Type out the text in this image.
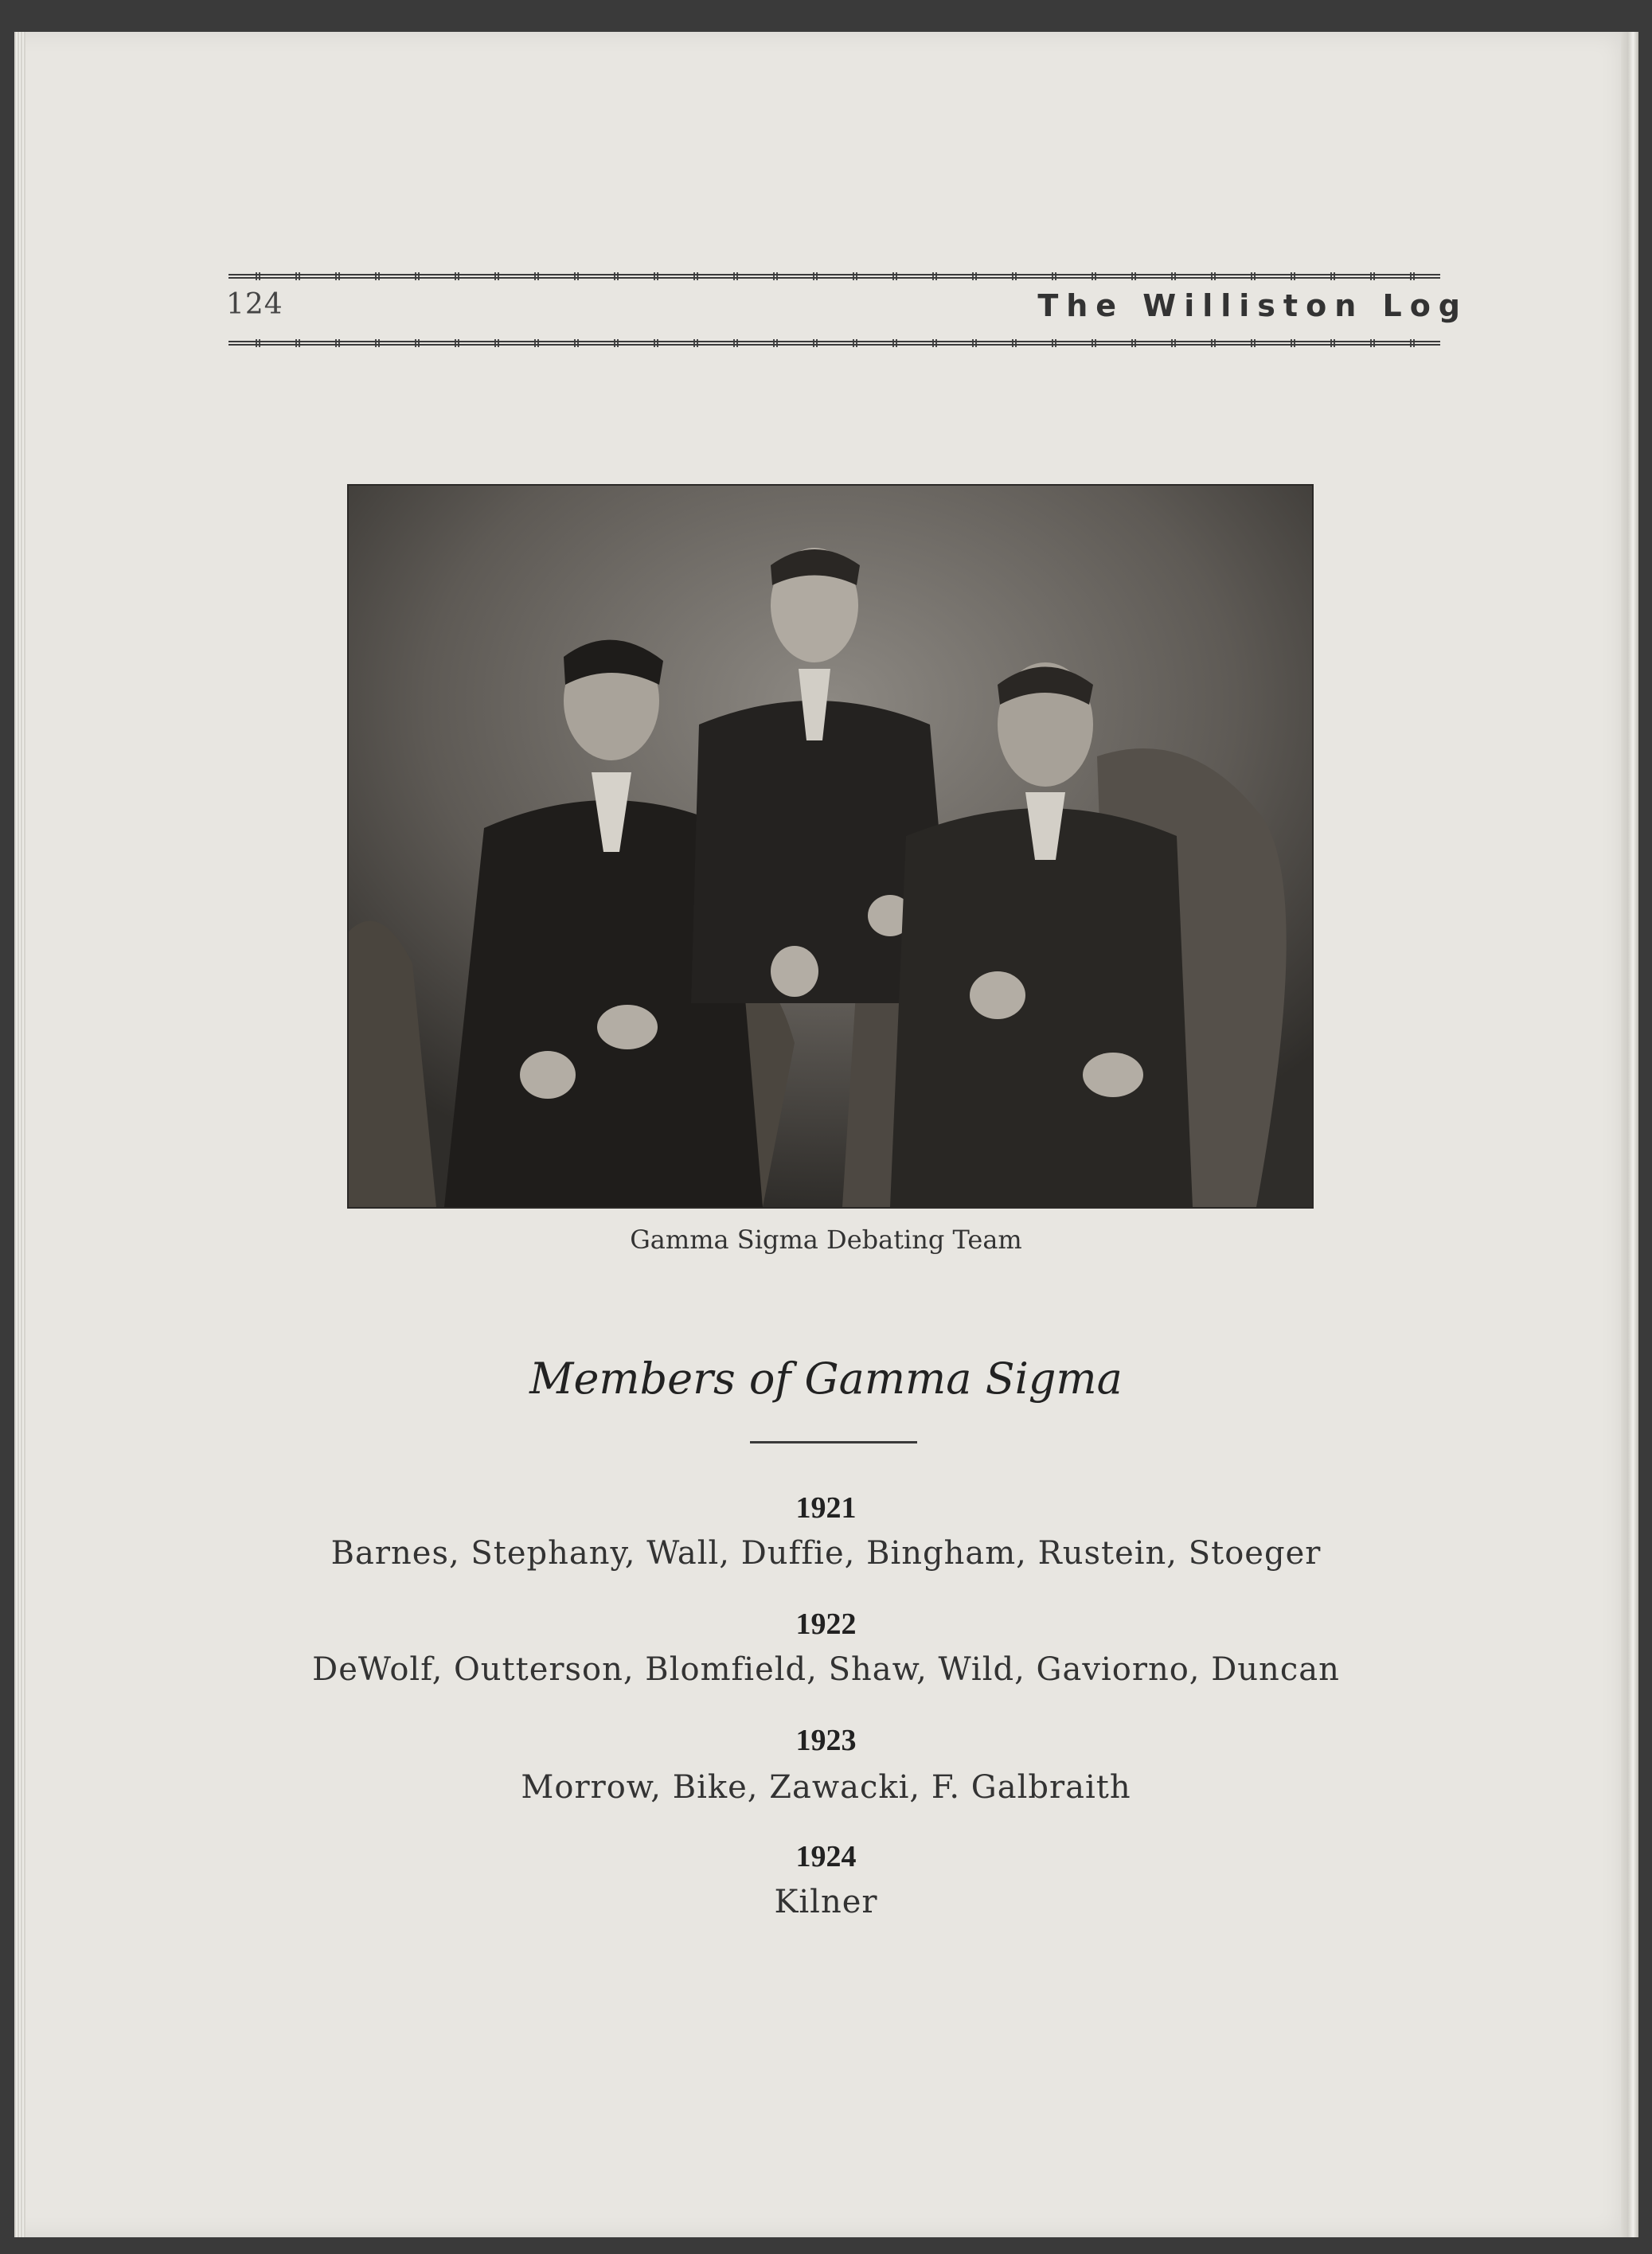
124	The Williston Log
Gamma Sigma Debating Team
Members of Gamma Sigma
1921
Barnes, Stephany, Wall, Duffie, Bingham, Rustein, Stoeger
1922
DeWolf, Outterson, Blomfield, Shaw, Wild, Gaviorno, Duncan
1923
Morrow, Bike, Zawacki, F. Galbraith
1924
Kilner
